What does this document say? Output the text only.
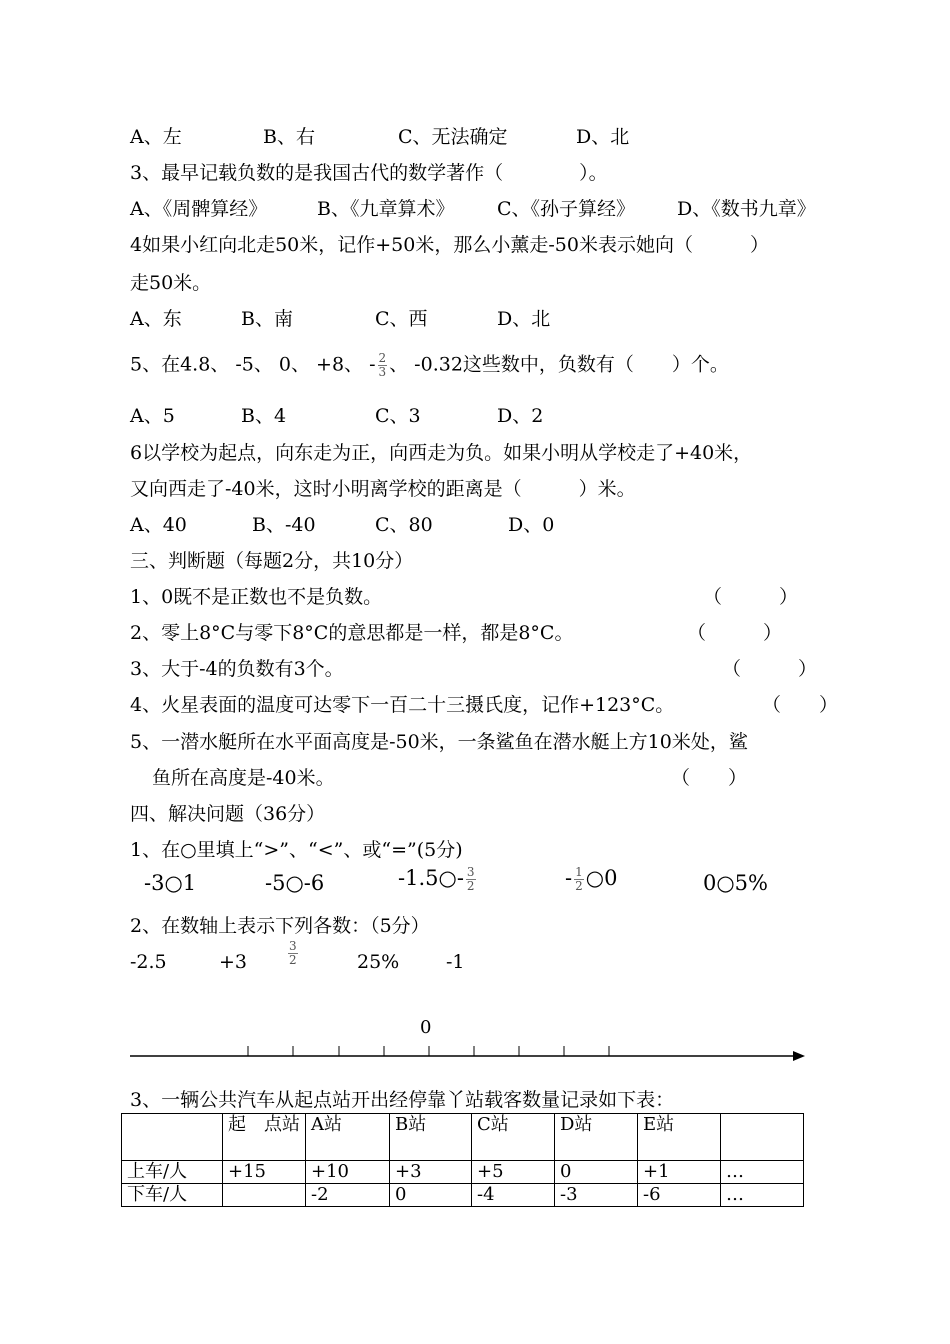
A、左	B、右	C、无法确定	D、北
3、最早记载负数的是我国古代的数学著作（　　　　）。
A、《周髀算经》	B、《九章算术》 C、《孙子算经》 D、《数书九章》
4如果小红向北走50米，记作+50米，那么小薰走-50米表示她向（　　　）
走50米。
A、东	B、南	C、西	D、北
5、在4.8、 -5、 0、 +8、 - $\frac{2}{3}$ 、 -0.32这些数中，负数有（　　）个。
A、5	B、4	C、3	D、2
6以学校为起点，向东走为正，向西走为负。如果小明从学校走了+40米，
又向西走了-40米，这时小明离学校的距离是（　　　）米。
A、40	B、-40	C、80	D、0
三、判断题（每题2分，共10分）
1、0既不是正数也不是负数。	（　　　）
2、零上8°C与零下8°C的意思都是一样，都是8°C。	（　　　）
3、大于-4的负数有3个。	（　　　）
4、火星表面的温度可达零下一百二十三摄氏度，记作+123°C。	（　　）
5、一潜水艇所在水平面高度是-50米，一条鲨鱼在潜水艇上方10米处，鲨
鱼所在高度是-40米。	（　　）
四、解决问题（36分）
1、在○里填上“>”、“<”、或“=”(5分)
-3○1	-5○-6	-1.5○- $\frac{3}{2}$	- $\frac{1}{2}$ ○0	0○5%
2、在数轴上表示下列各数：（5分）
-2.5	+3	$\frac{3}{2}$	25% -1
0
3、一辆公共汽车从起点站开出经停靠丫站载客数量记录如下表：
	起　点站	A站	B站	C站	D站	E站	
上车/人	+15	+10	+3	+5	0	+1	…
下车/人		-2	0	-4	-3	-6	…
